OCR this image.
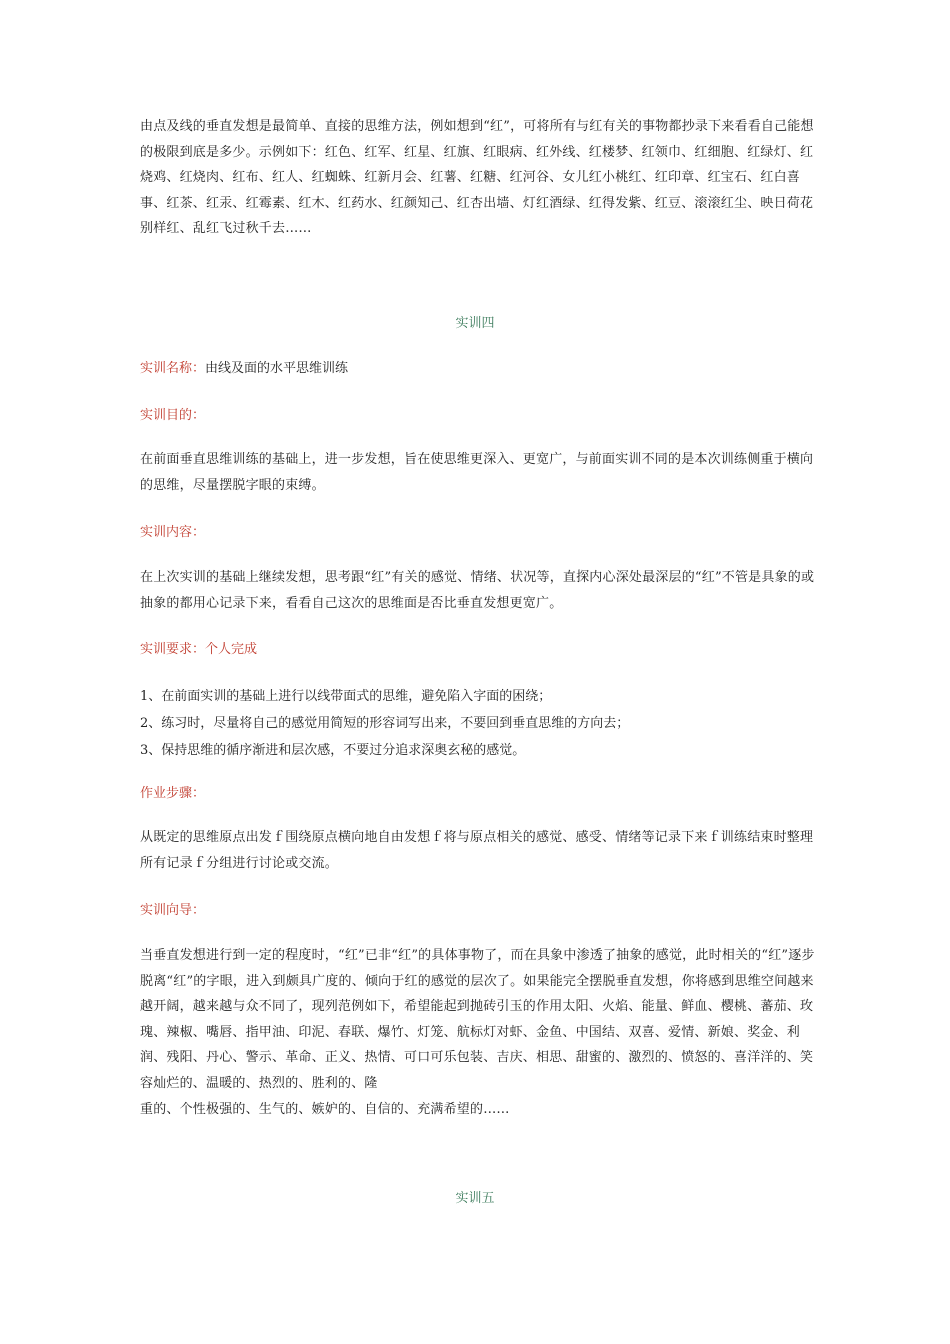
由点及线的垂直发想是最简单、直接的思维方法，例如想到“红”，可将所有与红有关的事物都抄录下来看看自己能想的极限到底是多少。示例如下：红色、红军、红星、红旗、红眼病、红外线、红楼梦、红领巾、红细胞、红绿灯、红烧鸡、红烧肉、红布、红人、红蜘蛛、红新月会、红薯、红糖、红河谷、女儿红小桃红、红印章、红宝石、红白喜事、红茶、红汞、红霉素、红木、红药水、红颜知己、红杏出墙、灯红酒绿、红得发紫、红豆、滚滚红尘、映日荷花别样红、乱红飞过秋千去……

实训四

实训名称：由线及面的水平思维训练

实训目的：

在前面垂直思维训练的基础上，进一步发想，旨在使思维更深入、更宽广，与前面实训不同的是本次训练侧重于横向的思维，尽量摆脱字眼的束缚。

实训内容：

在上次实训的基础上继续发想，思考跟“红”有关的感觉、情绪、状况等，直探内心深处最深层的“红”不管是具象的或抽象的都用心记录下来，看看自己这次的思维面是否比垂直发想更宽广。

实训要求：个人完成

1、在前面实训的基础上进行以线带面式的思维，避免陷入字面的困绕；
2、练习时，尽量将自己的感觉用简短的形容词写出来，不要回到垂直思维的方向去；
3、保持思维的循序渐进和层次感，不要过分追求深奥玄秘的感觉。

作业步骤：

从既定的思维原点出发ｆ围绕原点横向地自由发想ｆ将与原点相关的感觉、感受、情绪等记录下来ｆ训练结束时整理所有记录ｆ分组进行讨论或交流。

实训向导：

当垂直发想进行到一定的程度时，“红”已非“红”的具体事物了，而在具象中渗透了抽象的感觉，此时相关的“红”逐步脱离“红”的字眼，进入到颇具广度的、倾向于红的感觉的层次了。如果能完全摆脱垂直发想，你将感到思维空间越来越开阔，越来越与众不同了，现列范例如下，希望能起到抛砖引玉的作用太阳、火焰、能量、鲜血、樱桃、蕃茄、玫瑰、辣椒、嘴唇、指甲油、印泥、春联、爆竹、灯笼、航标灯对虾、金鱼、中国结、双喜、爱情、新娘、奖金、利润、残阳、丹心、警示、革命、正义、热情、可口可乐包装、吉庆、相思、甜蜜的、激烈的、愤怒的、喜洋洋的、笑容灿烂的、温暖的、热烈的、胜利的、隆

重的、个性极强的、生气的、嫉妒的、自信的、充满希望的……

实训五
